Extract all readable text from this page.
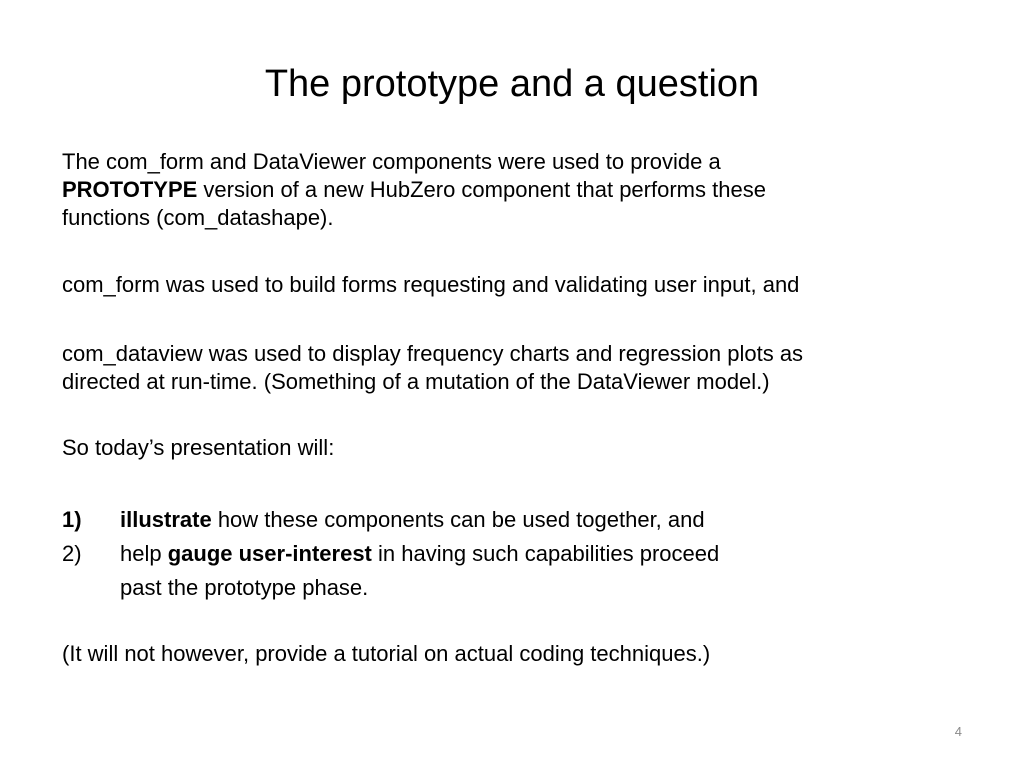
The prototype and a question
The com_form and DataViewer components were used to provide a
PROTOTYPE version of a new HubZero component that performs these
functions (com_datashape).
com_form was used to build forms requesting and validating user input, and
com_dataview was used to display frequency charts and regression plots as
directed at run-time. (Something of a mutation of the DataViewer model.)
So today’s presentation will:
1)	illustrate how these components can be used together, and
2)	help gauge user-interest in having such capabilities proceed
past the prototype phase.
(It will not however, provide a tutorial on actual coding techniques.)
4
